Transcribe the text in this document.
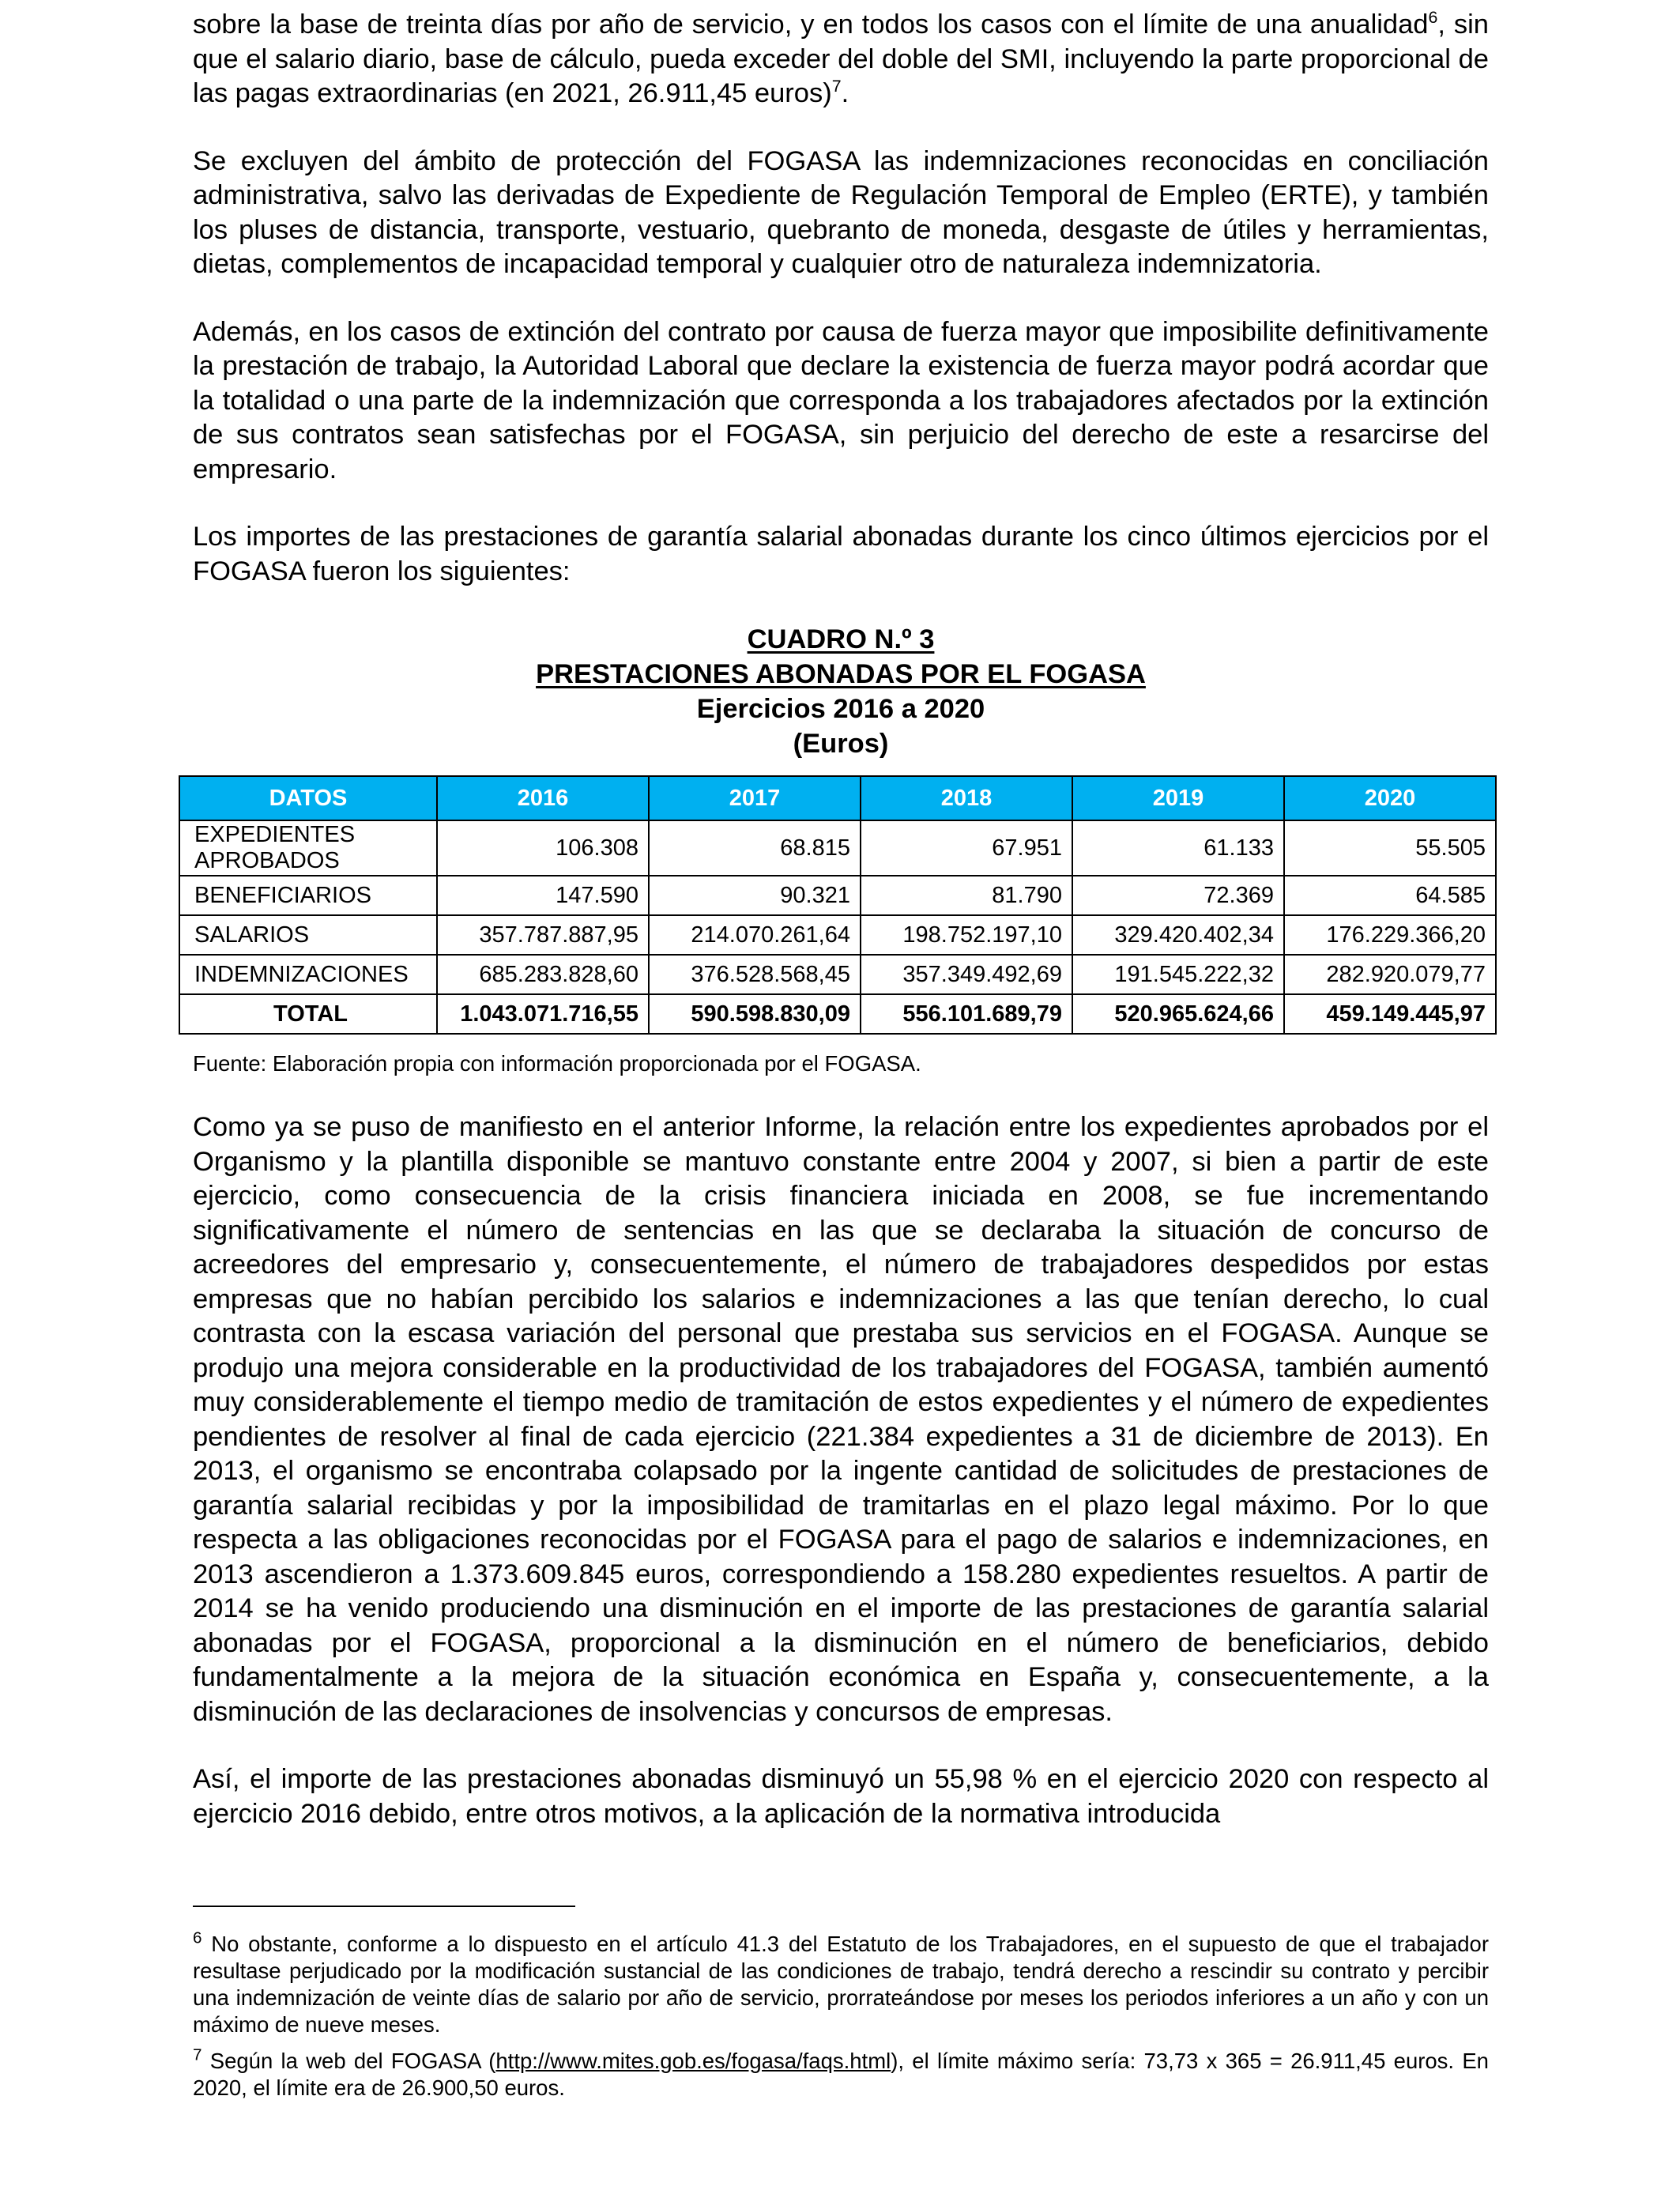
sobre la base de treinta días por año de servicio, y en todos los casos con el límite de una anualidad$^6$, sin que el salario diario, base de cálculo, pueda exceder del doble del SMI, incluyendo la parte proporcional de las pagas extraordinarias (en 2021, 26.911,45 euros)$^7$.

Se excluyen del ámbito de protección del FOGASA las indemnizaciones reconocidas en conciliación administrativa, salvo las derivadas de Expediente de Regulación Temporal de Empleo (ERTE), y también los pluses de distancia, transporte, vestuario, quebranto de moneda, desgaste de útiles y herramientas, dietas, complementos de incapacidad temporal y cualquier otro de naturaleza indemnizatoria.

Además, en los casos de extinción del contrato por causa de fuerza mayor que imposibilite definitivamente la prestación de trabajo, la Autoridad Laboral que declare la existencia de fuerza mayor podrá acordar que la totalidad o una parte de la indemnización que corresponda a los trabajadores afectados por la extinción de sus contratos sean satisfechas por el FOGASA, sin perjuicio del derecho de este a resarcirse del empresario.

Los importes de las prestaciones de garantía salarial abonadas durante los cinco últimos ejercicios por el FOGASA fueron los siguientes:

CUADRO N.º 3
PRESTACIONES ABONADAS POR EL FOGASA
Ejercicios 2016 a 2020
(Euros)
DATOS	2016	2017	2018	2019	2020
EXPEDIENTES APROBADOS	106.308	68.815	67.951	61.133	55.505
BENEFICIARIOS	147.590	90.321	81.790	72.369	64.585
SALARIOS	357.787.887,95	214.070.261,64	198.752.197,10	329.420.402,34	176.229.366,20
INDEMNIZACIONES	685.283.828,60	376.528.568,45	357.349.492,69	191.545.222,32	282.920.079,77
TOTAL	1.043.071.716,55	590.598.830,09	556.101.689,79	520.965.624,66	459.149.445,97
Fuente: Elaboración propia con información proporcionada por el FOGASA.

Como ya se puso de manifiesto en el anterior Informe, la relación entre los expedientes aprobados por el Organismo y la plantilla disponible se mantuvo constante entre 2004 y 2007, si bien a partir de este ejercicio, como consecuencia de la crisis financiera iniciada en 2008, se fue incrementando significativamente el número de sentencias en las que se declaraba la situación de concurso de acreedores del empresario y, consecuentemente, el número de trabajadores despedidos por estas empresas que no habían percibido los salarios e indemnizaciones a las que tenían derecho, lo cual contrasta con la escasa variación del personal que prestaba sus servicios en el FOGASA. Aunque se produjo una mejora considerable en la productividad de los trabajadores del FOGASA, también aumentó muy considerablemente el tiempo medio de tramitación de estos expedientes y el número de expedientes pendientes de resolver al final de cada ejercicio (221.384 expedientes a 31 de diciembre de 2013). En 2013, el organismo se encontraba colapsado por la ingente cantidad de solicitudes de prestaciones de garantía salarial recibidas y por la imposibilidad de tramitarlas en el plazo legal máximo. Por lo que respecta a las obligaciones reconocidas por el FOGASA para el pago de salarios e indemnizaciones, en 2013 ascendieron a 1.373.609.845 euros, correspondiendo a 158.280 expedientes resueltos. A partir de 2014 se ha venido produciendo una disminución en el importe de las prestaciones de garantía salarial abonadas por el FOGASA, proporcional a la disminución en el número de beneficiarios, debido fundamentalmente a la mejora de la situación económica en España y, consecuentemente, a la disminución de las declaraciones de insolvencias y concursos de empresas.

Así, el importe de las prestaciones abonadas disminuyó un 55,98 % en el ejercicio 2020 con respecto al ejercicio 2016 debido, entre otros motivos, a la aplicación de la normativa introducida

$^6$ No obstante, conforme a lo dispuesto en el artículo 41.3 del Estatuto de los Trabajadores, en el supuesto de que el trabajador resultase perjudicado por la modificación sustancial de las condiciones de trabajo, tendrá derecho a rescindir su contrato y percibir una indemnización de veinte días de salario por año de servicio, prorrateándose por meses los periodos inferiores a un año y con un máximo de nueve meses.

$^7$ Según la web del FOGASA (http://www.mites.gob.es/fogasa/faqs.html), el límite máximo sería: 73,73 x 365 = 26.911,45 euros. En 2020, el límite era de 26.900,50 euros.
